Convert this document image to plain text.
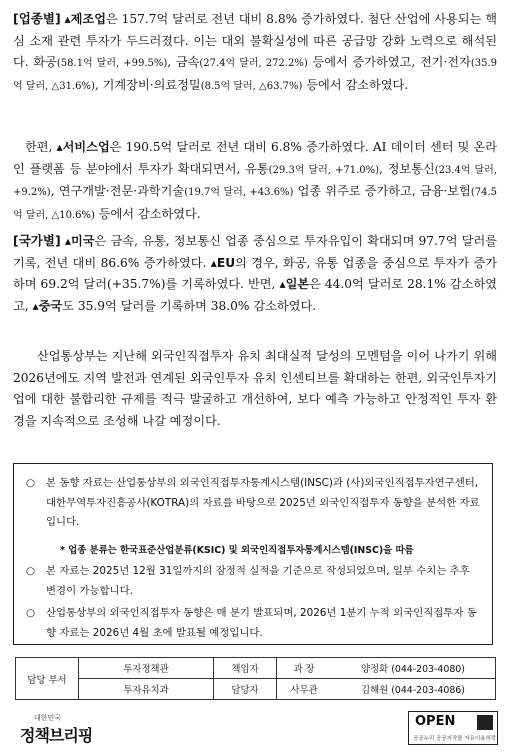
[업종별] ▴제조업은 157.7억 달러로 전년 대비 8.8% 증가하였다. 첨단 산업에 사용되는 핵심 소재 관련 투자가 두드러졌다. 이는 대외 불확실성에 따른 공급망 강화 노력으로 해석된다. 화공(58.1억 달러, +99.5%), 금속(27.4억 달러, 272.2%) 등에서 증가하였고, 전기·전자(35.9억 달러, △31.6%), 기계장비·의료정밀(8.5억 달러, △63.7%) 등에서 감소하였다.

한편, ▴서비스업은 190.5억 달러로 전년 대비 6.8% 증가하였다. AI 데이터 센터 및 온라인 플랫폼 등 분야에서 투자가 확대되면서, 유통(29.3억 달러, +71.0%), 정보통신(23.4억 달러, +9.2%), 연구개발·전문·과학기술(19.7억 달러, +43.6%) 업종 위주로 증가하고, 금융·보험(74.5억 달러, △10.6%) 등에서 감소하였다.

[국가별] ▴미국은 금속, 유통, 정보통신 업종 중심으로 투자유입이 확대되며 97.7억 달러를 기록, 전년 대비 86.6% 증가하였다. ▴EU의 경우, 화공, 유통 업종을 중심으로 투자가 증가하며 69.2억 달러(+35.7%)를 기록하였다. 반면, ▴일본은 44.0억 달러로 28.1% 감소하였고, ▴중국도 35.9억 달러를 기록하며 38.0% 감소하였다.

산업통상부는 지난해 외국인직접투자 유치 최대실적 달성의 모멘텀을 이어 나가기 위해 2026년에도 지역 발전과 연계된 외국인투자 유치 인센티브를 확대하는 한편, 외국인투자기업에 대한 불합리한 규제를 적극 발굴하고 개선하여, 보다 예측 가능하고 안정적인 투자 환경을 지속적으로 조성해 나갈 예정이다.

○	본 동향 자료는 산업통상부의 외국인직접투자통계시스템(INSC)과 (사)외국인직접투자연구센터, 대한무역투자진흥공사(KOTRA)의 자료를 바탕으로 2025년 외국인직접투자 동향을 분석한 자료입니다.

* 업종 분류는 한국표준산업분류(KSIC) 및 외국인직접투자통계시스템(INSC)을 따름

○	본 자료는 2025년 12월 31일까지의 잠정적 실적을 기준으로 작성되었으며, 일부 수치는 추후 변경이 가능합니다.
○	산업통상부의 외국인직접투자 동향은 매 분기 발표되며, 2026년 1분기 누적 외국인직접투자 동향 자료는 2026년 4월 초에 발표될 예정입니다.
담당 부서	투자정책관	책임자	과 장	양정화 (044-203-4080)
	투자유치과	담당자	사무관	김해원 (044-203-4086)
대한민국
정책브리핑
OPEN
공공누리 공공저작물 자유이용허락
